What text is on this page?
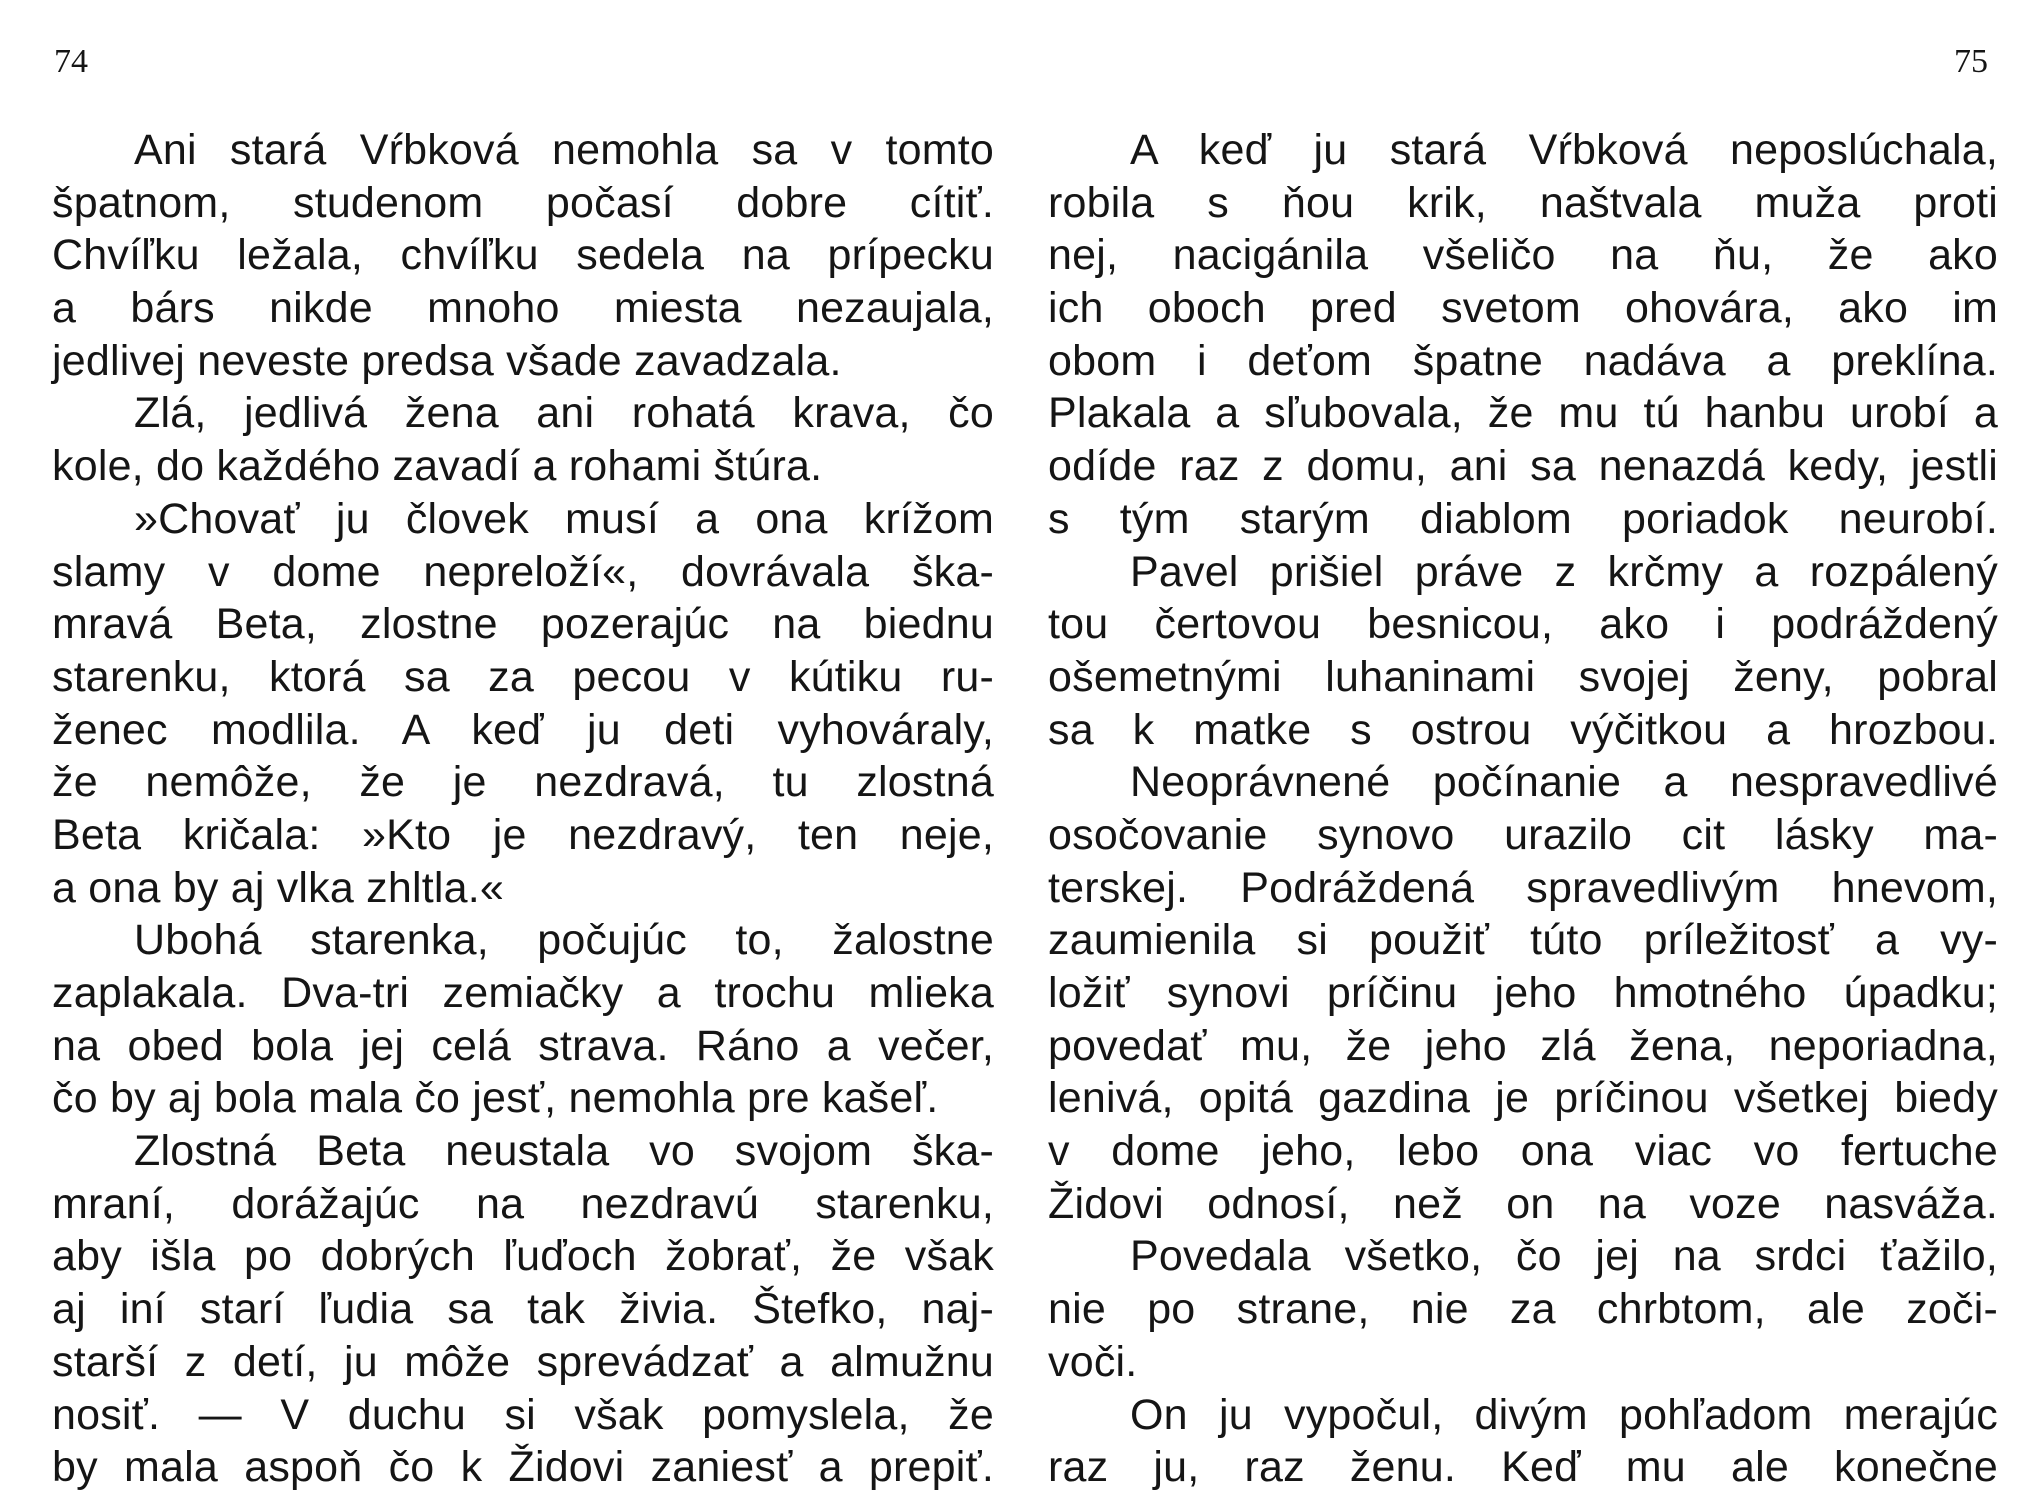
74
Ani stará Vŕbková nemohla sa v tomto
špatnom, studenom počasí dobre cítiť.
Chvíľku ležala, chvíľku sedela na prípecku
a bárs nikde mnoho miesta nezaujala,
jedlivej neveste predsa všade zavadzala.
Zlá, jedlivá žena ani rohatá krava, čo
kole, do každého zavadí a rohami štúra.
»Chovať ju človek musí a ona krížom
slamy v dome nepreloží«, dovrávala ška-
mravá Beta, zlostne pozerajúc na biednu
starenku, ktorá sa za pecou v kútiku ru-
ženec modlila. A keď ju deti vyhováraly,
že nemôže, že je nezdravá, tu zlostná
Beta kričala: »Kto je nezdravý, ten neje,
a ona by aj vlka zhltla.«
Ubohá starenka, počujúc to, žalostne
zaplakala. Dva-tri zemiačky a trochu mlieka
na obed bola jej celá strava. Ráno a večer,
čo by aj bola mala čo jesť, nemohla pre kašeľ.
Zlostná Beta neustala vo svojom ška-
mraní, dorážajúc na nezdravú starenku,
aby išla po dobrých ľuďoch žobrať, že však
aj iní starí ľudia sa tak živia. Štefko, naj-
starší z detí, ju môže sprevádzať a almužnu
nosiť. — V duchu si však pomyslela, že
by mala aspoň čo k Židovi zaniesť a prepiť.
75
A keď ju stará Vŕbková neposlúchala,
robila s ňou krik, naštvala muža proti
nej, nacigánila všeličo na ňu, že ako
ich oboch pred svetom ohovára, ako im
obom i deťom špatne nadáva a preklína.
Plakala a sľubovala, že mu tú hanbu urobí a
odíde raz z domu, ani sa nenazdá kedy, jestli
s tým starým diablom poriadok neurobí.
Pavel prišiel práve z krčmy a rozpálený
tou čertovou besnicou, ako i podráždený
ošemetnými luhaninami svojej ženy, pobral
sa k matke s ostrou výčitkou a hrozbou.
Neoprávnené počínanie a nespravedlivé
osočovanie synovo urazilo cit lásky ma-
terskej. Podráždená spravedlivým hnevom,
zaumienila si použiť túto príležitosť a vy-
ložiť synovi príčinu jeho hmotného úpadku;
povedať mu, že jeho zlá žena, neporiadna,
lenivá, opitá gazdina je príčinou všetkej biedy
v dome jeho, lebo ona viac vo fertuche
Židovi odnosí, než on na voze nasváža.
Povedala všetko, čo jej na srdci ťažilo,
nie po strane, nie za chrbtom, ale zoči-
voči.
On ju vypočul, divým pohľadom merajúc
raz ju, raz ženu. Keď mu ale konečne
